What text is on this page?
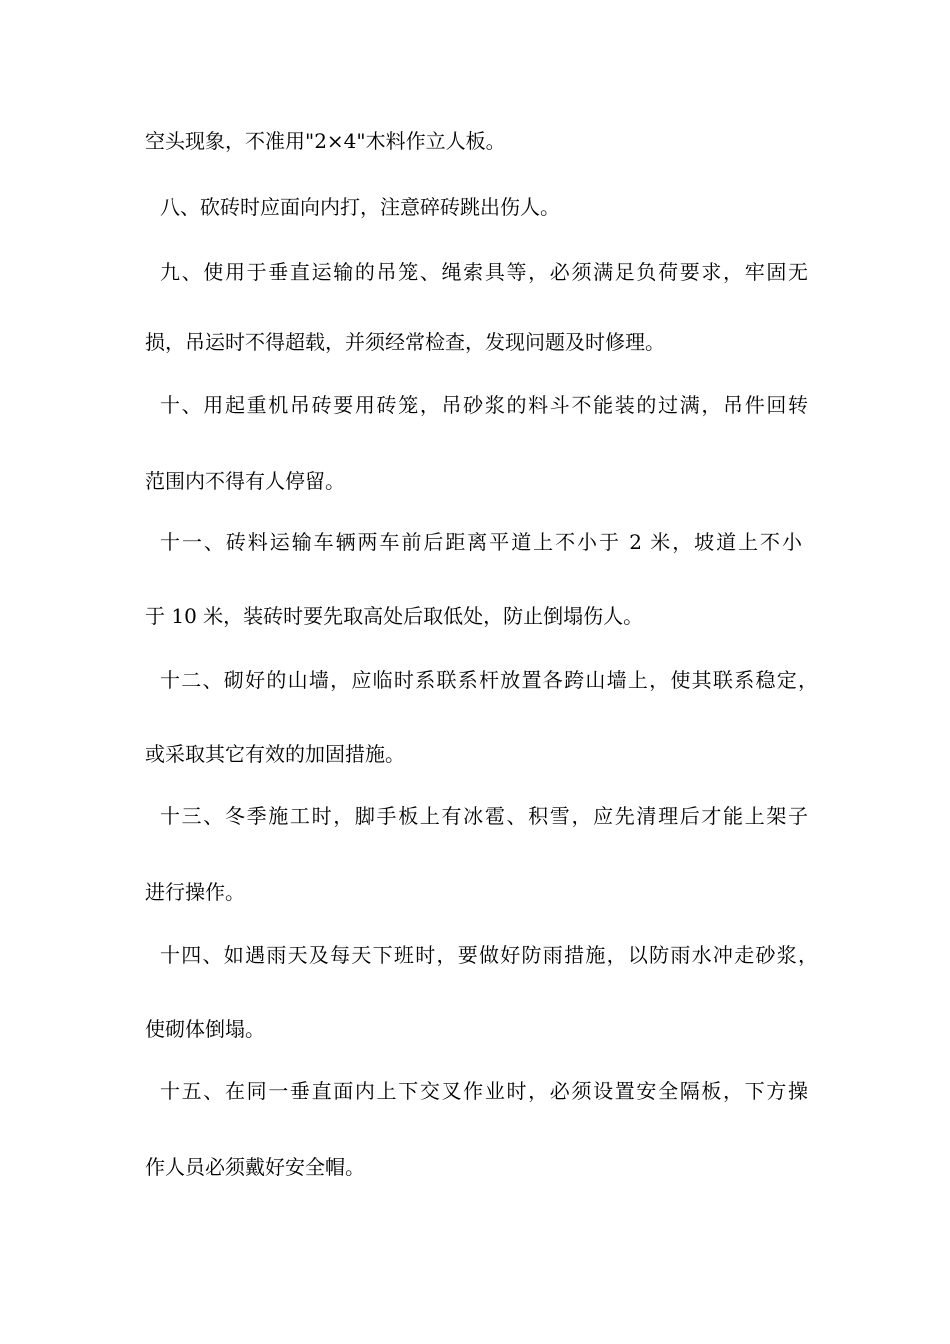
空头现象，不准用"2×4"木料作立人板。

八、砍砖时应面向内打，注意碎砖跳出伤人。

九、使用于垂直运输的吊笼、绳索具等，必须满足负荷要求，牢固无

损，吊运时不得超载，并须经常检查，发现问题及时修理。

十、用起重机吊砖要用砖笼，吊砂浆的料斗不能装的过满，吊件回转

范围内不得有人停留。

十一、砖料运输车辆两车前后距离平道上不小于 2 米，坡道上不小

于 10 米，装砖时要先取高处后取低处，防止倒塌伤人。

十二、砌好的山墙，应临时系联系杆放置各跨山墙上，使其联系稳定，

或采取其它有效的加固措施。

十三、冬季施工时，脚手板上有冰雹、积雪，应先清理后才能上架子

进行操作。

十四、如遇雨天及每天下班时，要做好防雨措施，以防雨水冲走砂浆，

使砌体倒塌。

十五、在同一垂直面内上下交叉作业时，必须设置安全隔板，下方操

作人员必须戴好安全帽。
